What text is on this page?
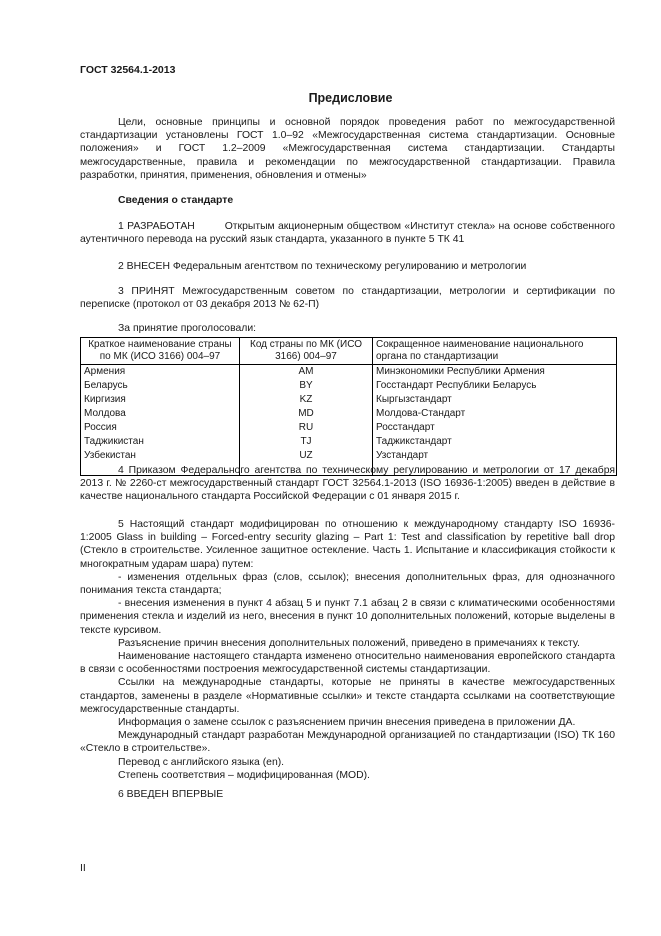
ГОСТ 32564.1-2013
Предисловие
Цели, основные принципы и основной порядок проведения работ по межгосударственной стандартизации установлены ГОСТ 1.0–92 «Межгосударственная система стандартизации. Основные положения» и ГОСТ 1.2–2009 «Межгосударственная система стандартизации. Стандарты межгосударственные, правила и рекомендации по межгосударственной стандартизации. Правила разработки, принятия, применения, обновления и отмены»
Сведения о стандарте
1 РАЗРАБОТАН         Открытым акционерным обществом «Институт стекла» на основе собственного аутентичного перевода на русский язык стандарта, указанного в пункте 5 ТК 41
2 ВНЕСЕН Федеральным агентством по техническому регулированию и метрологии
3 ПРИНЯТ Межгосударственным советом по стандартизации, метрологии и сертификации по переписке (протокол от 03 декабря 2013 № 62-П)
За принятие проголосовали:
Краткое наименование страны по МК (ИСО 3166) 004–97	Код страны по МК (ИСО 3166) 004–97	Сокращенное наименование национального органа по стандартизации
Армения	AM	Минэкономики Республики Армения
Беларусь	BY	Госстандарт Республики Беларусь
Киргизия	KZ	Кыргызстандарт
Молдова	MD	Молдова-Стандарт
Россия	RU	Росстандарт
Таджикистан	TJ	Таджикстандарт
Узбекистан	UZ	Узстандарт
4 Приказом Федерального агентства по техническому регулированию и метрологии от 17 декабря 2013 г. № 2260-ст межгосударственный стандарт ГОСТ 32564.1-2013 (ISO 16936-1:2005) введен в действие в качестве национального стандарта Российской Федерации с 01 января 2015 г.

5 Настоящий стандарт модифицирован по отношению к международному стандарту ISO 16936-1:2005 Glass in building – Forced-entry security glazing – Part 1: Test and classification by repetitive ball drop (Стекло в строительстве. Усиленное защитное остекление. Часть 1. Испытание и классификация стойкости к многократным ударам шара) путем:

- изменения отдельных фраз (слов, ссылок); внесения дополнительных фраз, для однозначного понимания текста стандарта;

- внесения изменения в пункт 4 абзац 5 и пункт 7.1 абзац 2 в связи с климатическими особенностями применения стекла и изделий из него, внесения в пункт 10 дополнительных положений, которые выделены в тексте курсивом.

Разъяснение причин внесения дополнительных положений, приведено в примечаниях к тексту.

Наименование настоящего стандарта изменено относительно наименования европейского стандарта в связи с особенностями построения межгосударственной системы стандартизации.

Ссылки на международные стандарты, которые не приняты в качестве межгосударственных стандартов, заменены в разделе «Нормативные ссылки» и тексте стандарта ссылками на соответствующие межгосударственные стандарты.

Информация о замене ссылок с разъяснением причин внесения приведена в приложении ДА.

Международный стандарт разработан Международной организацией по стандартизации (ISO) ТК 160 «Стекло в строительстве».

Перевод с английского языка (en).

Степень соответствия – модифицированная (MOD).

6 ВВЕДЕН ВПЕРВЫЕ
II
